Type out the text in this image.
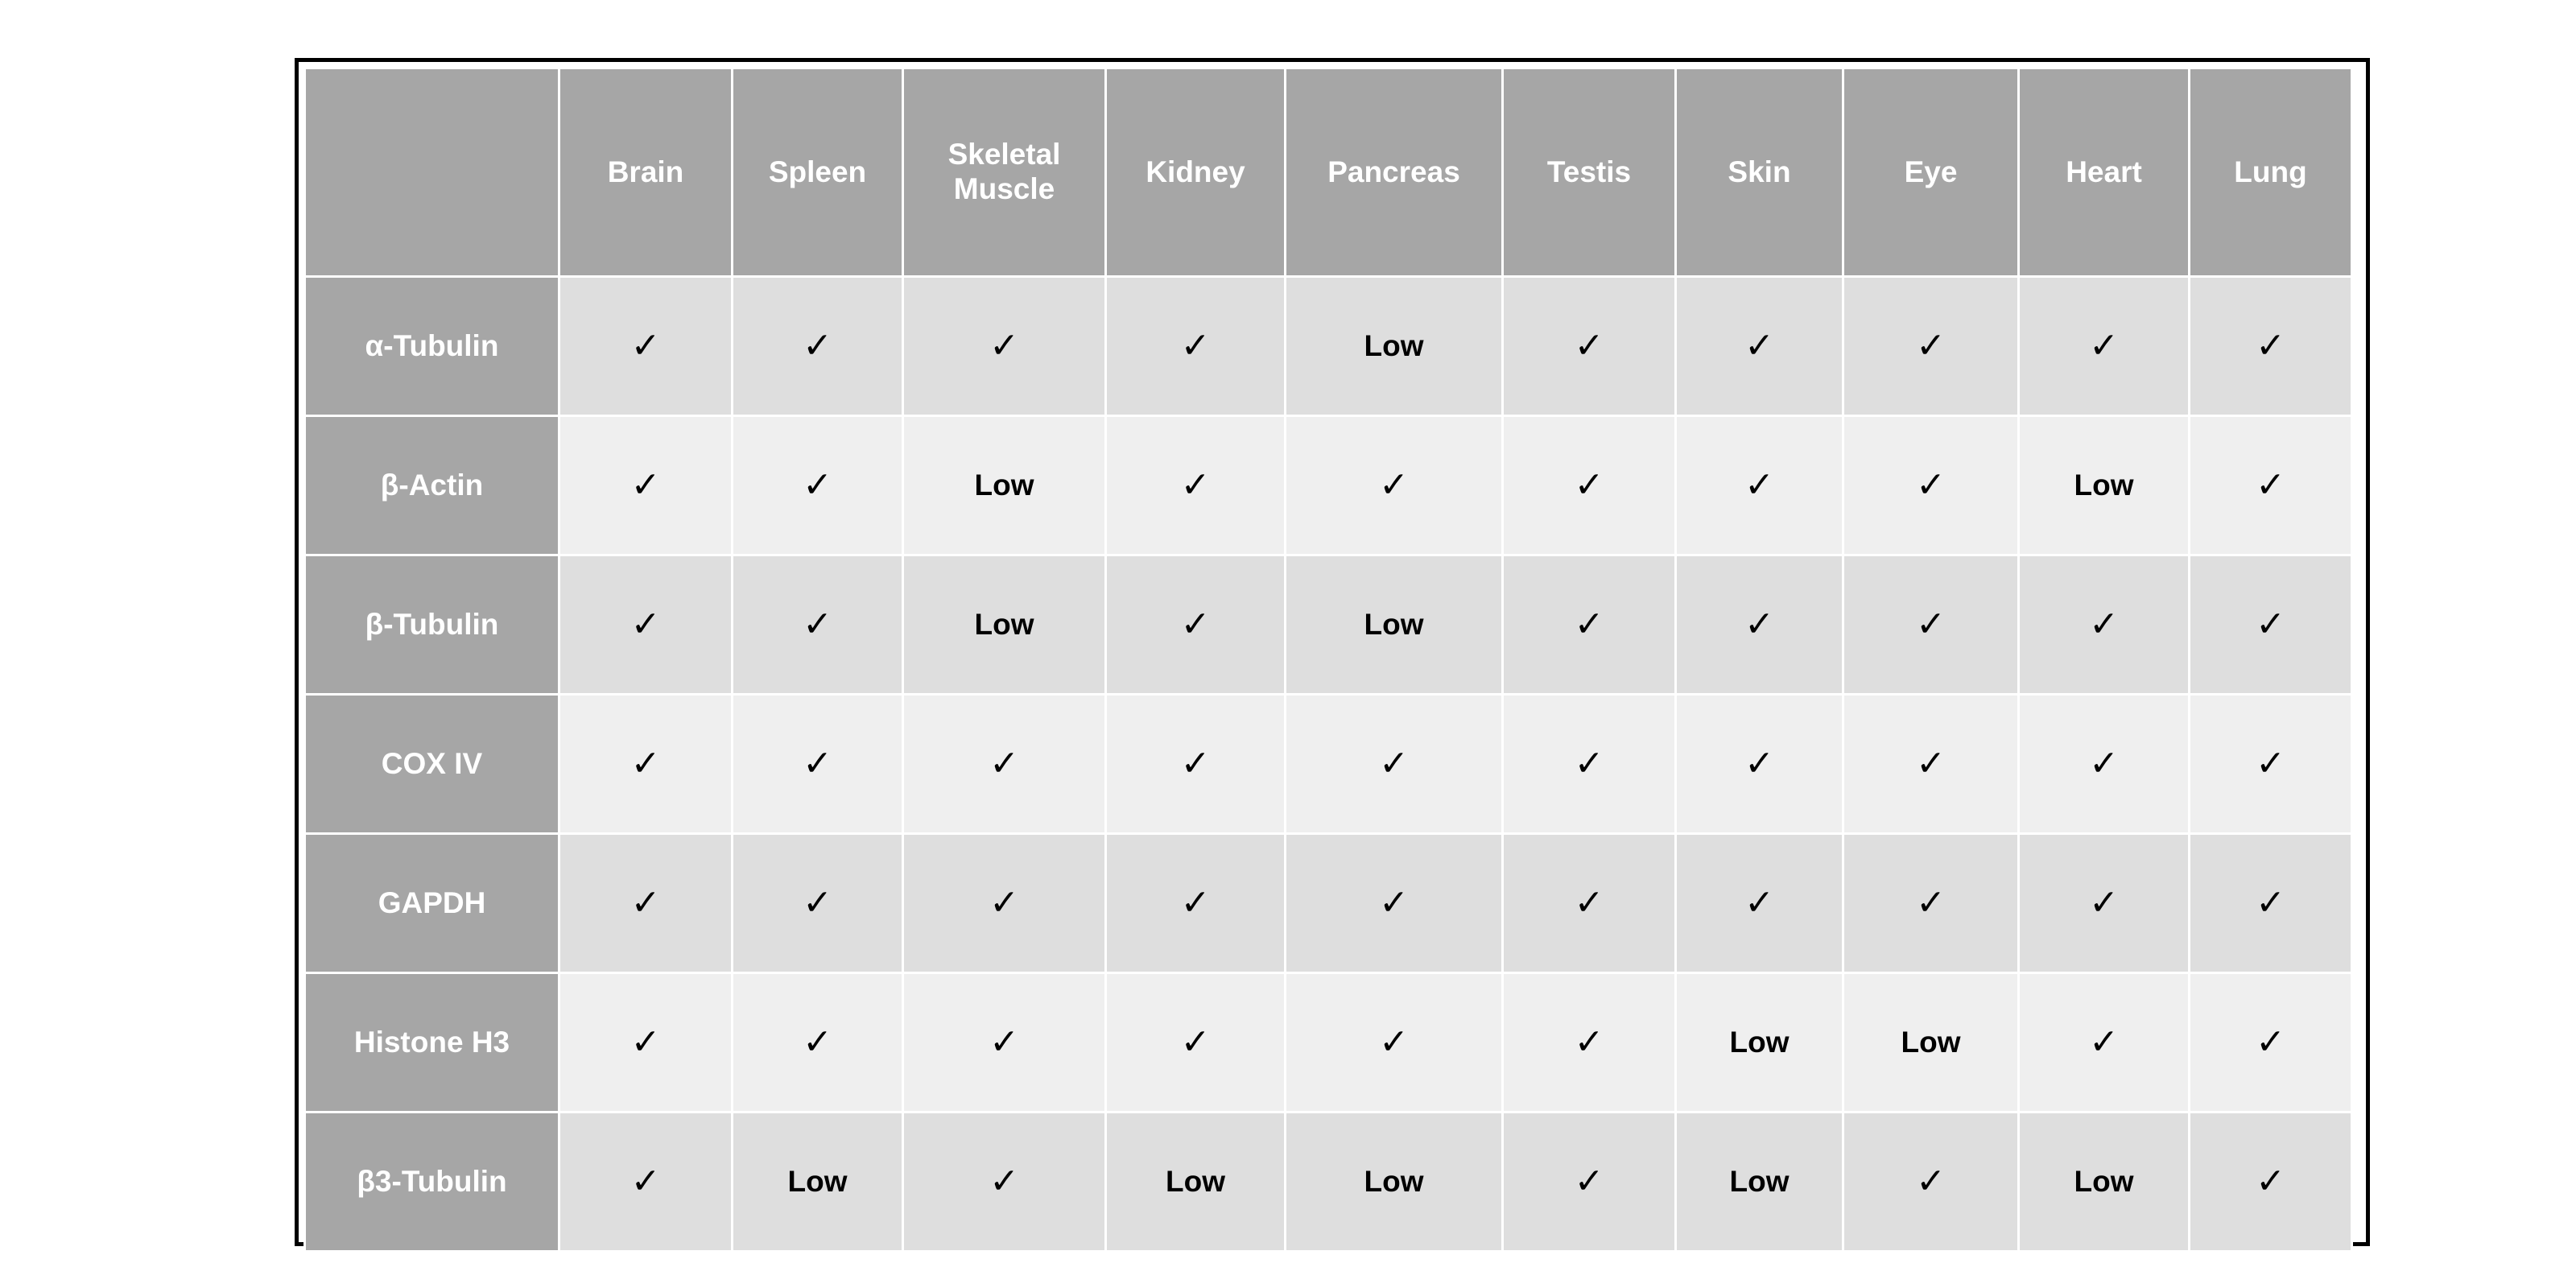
	Brain	Spleen	Skeletal Muscle	Kidney	Pancreas	Testis	Skin	Eye	Heart	Lung
α-Tubulin	✓	✓	✓	✓	Low	✓	✓	✓	✓	✓
β-Actin	✓	✓	Low	✓	✓	✓	✓	✓	Low	✓
β-Tubulin	✓	✓	Low	✓	Low	✓	✓	✓	✓	✓
COX IV	✓	✓	✓	✓	✓	✓	✓	✓	✓	✓
GAPDH	✓	✓	✓	✓	✓	✓	✓	✓	✓	✓
Histone H3	✓	✓	✓	✓	✓	✓	Low	Low	✓	✓
β3-Tubulin	✓	Low	✓	Low	Low	✓	Low	✓	Low	✓
